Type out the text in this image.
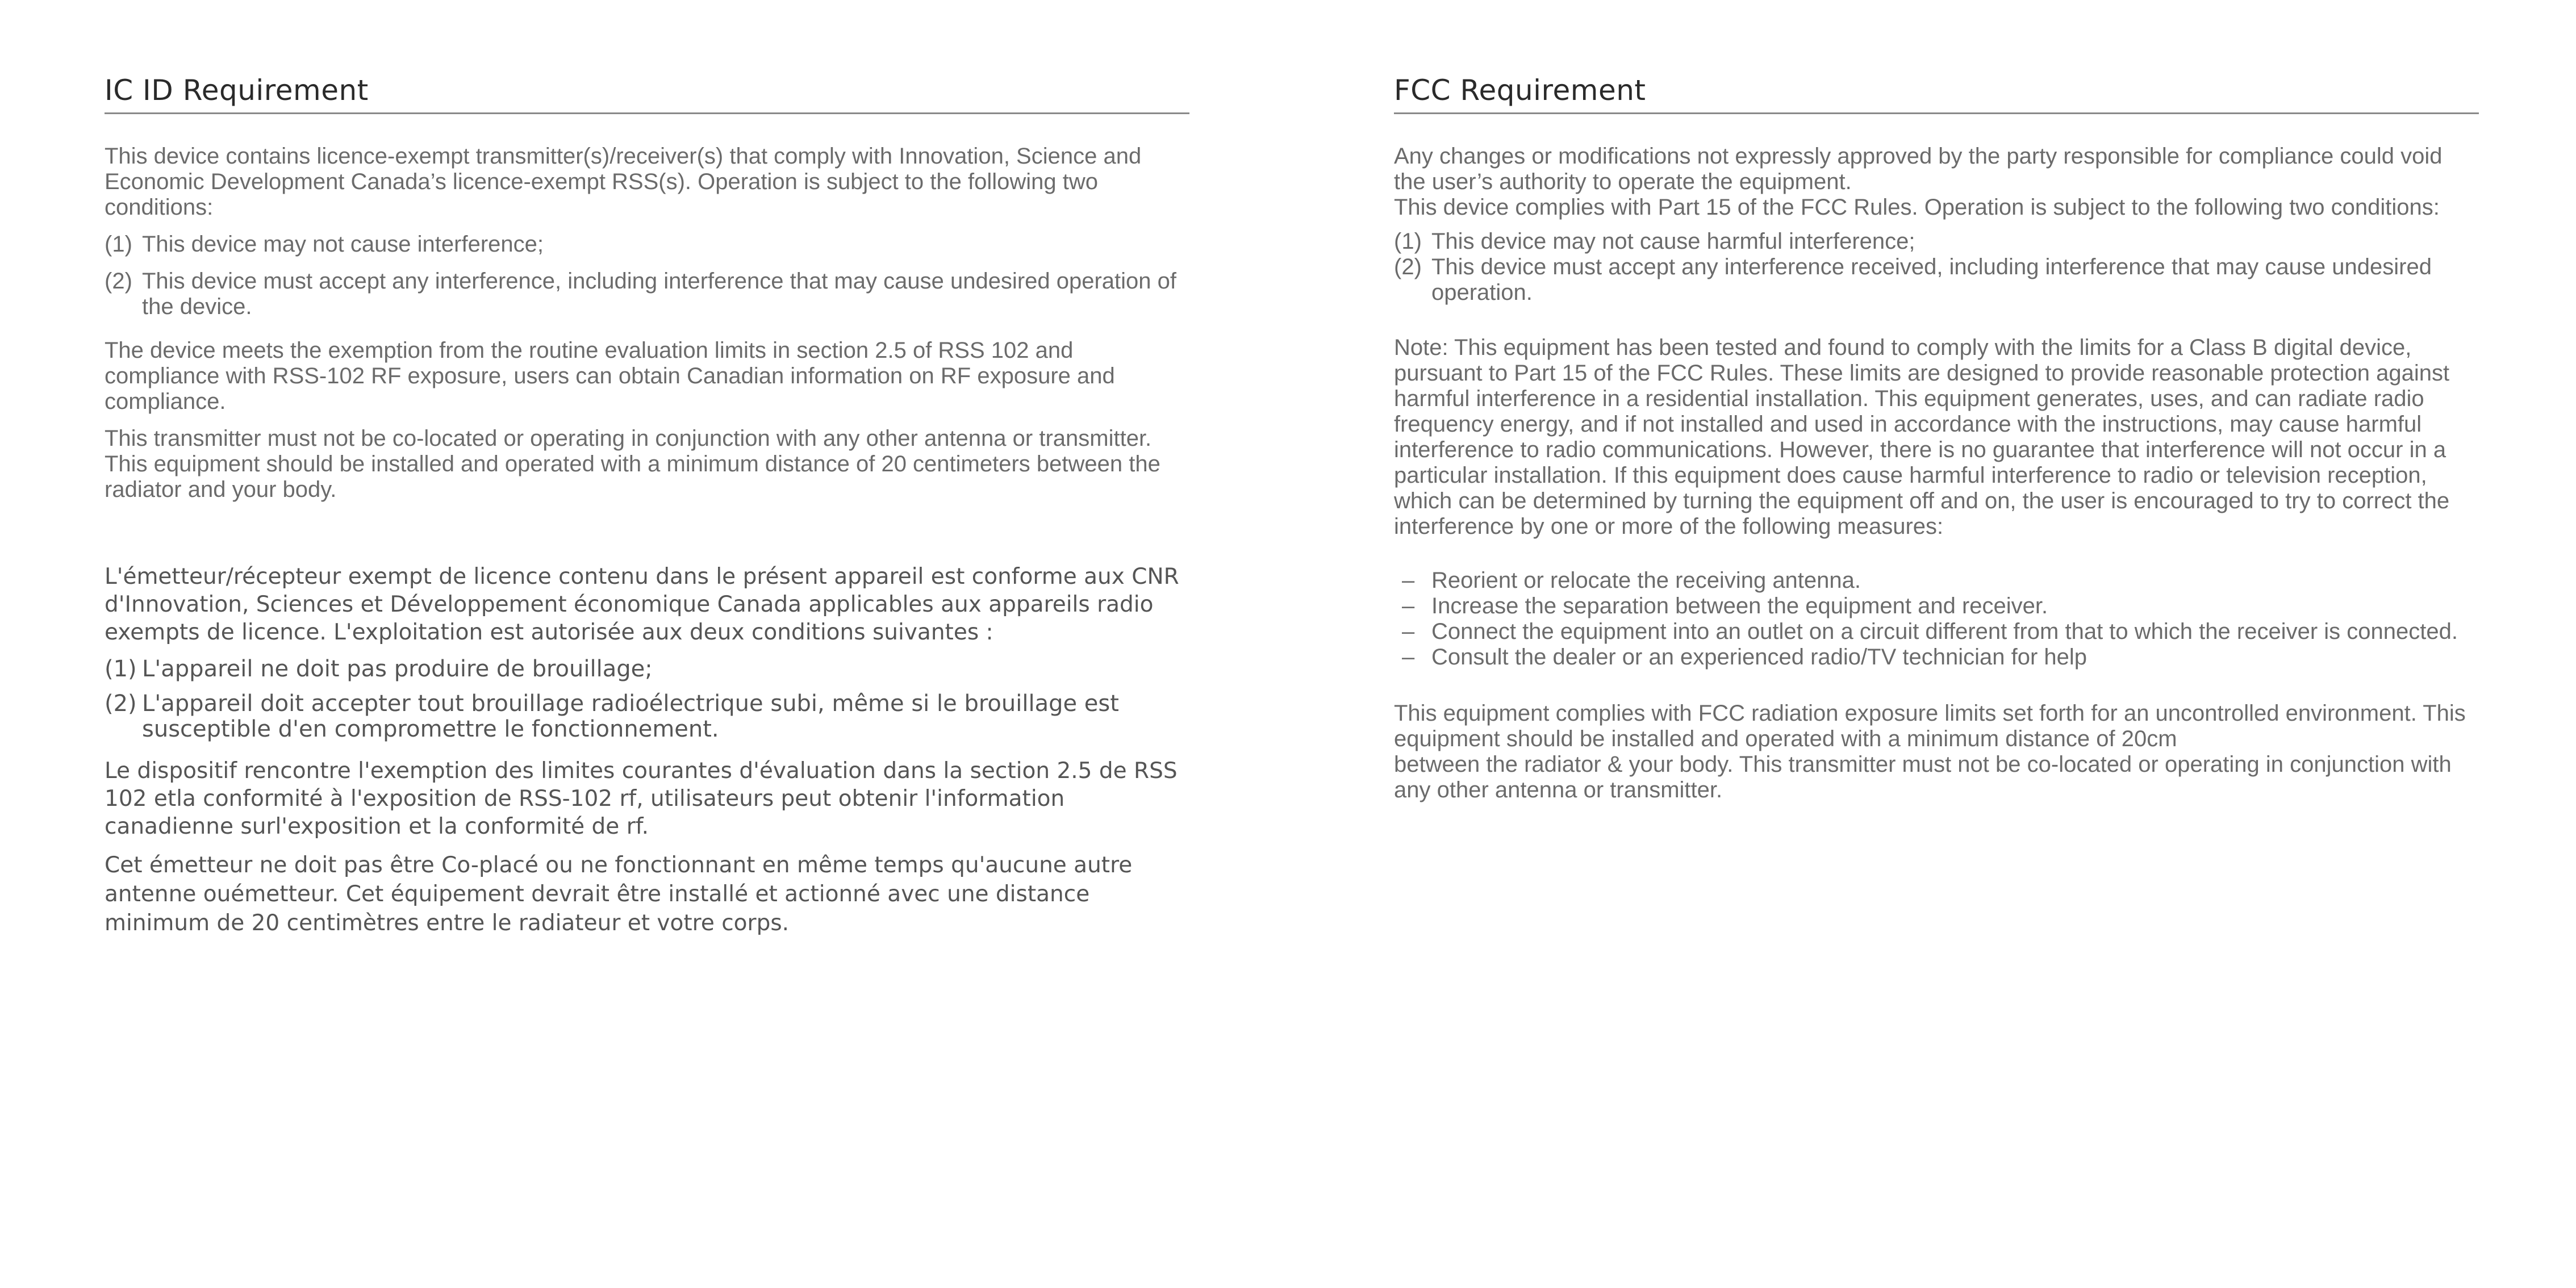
IC ID Requirement

This device contains licence-exempt transmitter(s)/receiver(s) that comply with Innovation, Science and Economic Development Canada’s licence-exempt RSS(s). Operation is subject to the following two conditions:

(1) This device may not cause interference;
(2) This device must accept any interference, including interference that may cause undesired operation of the device.

The device meets the exemption from the routine evaluation limits in section 2.5 of RSS 102 and compliance with RSS-102 RF exposure, users can obtain Canadian information on RF exposure and compliance.

This transmitter must not be co-located or operating in conjunction with any other antenna or transmitter. This equipment should be installed and operated with a minimum distance of 20 centimeters between the radiator and your body.

L'émetteur/récepteur exempt de licence contenu dans le présent appareil est conforme aux CNR d'Innovation, Sciences et Développement économique Canada applicables aux appareils radio exempts de licence. L'exploitation est autorisée aux deux conditions suivantes :

(1) L'appareil ne doit pas produire de brouillage;
(2) L'appareil doit accepter tout brouillage radioélectrique subi, même si le brouillage est susceptible d'en compromettre le fonctionnement.

Le dispositif rencontre l'exemption des limites courantes d'évaluation dans la section 2.5 de RSS 102 etla conformité à l'exposition de RSS-102 rf, utilisateurs peut obtenir l'information canadienne surl'exposition et la conformité de rf.

Cet émetteur ne doit pas être Co-placé ou ne fonctionnant en même temps qu'aucune autre antenne ouémetteur. Cet équipement devrait être installé et actionné avec une distance minimum de 20 centimètres entre le radiateur et votre corps.

FCC Requirement

Any changes or modifications not expressly approved by the party responsible for compliance could void the user’s authority to operate the equipment.

This device complies with Part 15 of the FCC Rules. Operation is subject to the following two conditions:

(1) This device may not cause harmful interference;
(2) This device must accept any interference received, including interference that may cause undesired operation.

Note: This equipment has been tested and found to comply with the limits for a Class B digital device, pursuant to Part 15 of the FCC Rules. These limits are designed to provide reasonable protection against harmful interference in a residential installation. This equipment generates, uses, and can radiate radio frequency energy, and if not installed and used in accordance with the instructions, may cause harmful interference to radio communications. However, there is no guarantee that interference will not occur in a particular installation. If this equipment does cause harmful interference to radio or television reception, which can be determined by turning the equipment off and on, the user is encouraged to try to correct the interference by one or more of the following measures:

– Reorient or relocate the receiving antenna.
– Increase the separation between the equipment and receiver.
– Connect the equipment into an outlet on a circuit different from that to which the receiver is connected.
– Consult the dealer or an experienced radio/TV technician for help

This equipment complies with FCC radiation exposure limits set forth for an uncontrolled environment. This equipment should be installed and operated with a minimum distance of 20cm

between the radiator & your body. This transmitter must not be co-located or operating in conjunction with any other antenna or transmitter.
